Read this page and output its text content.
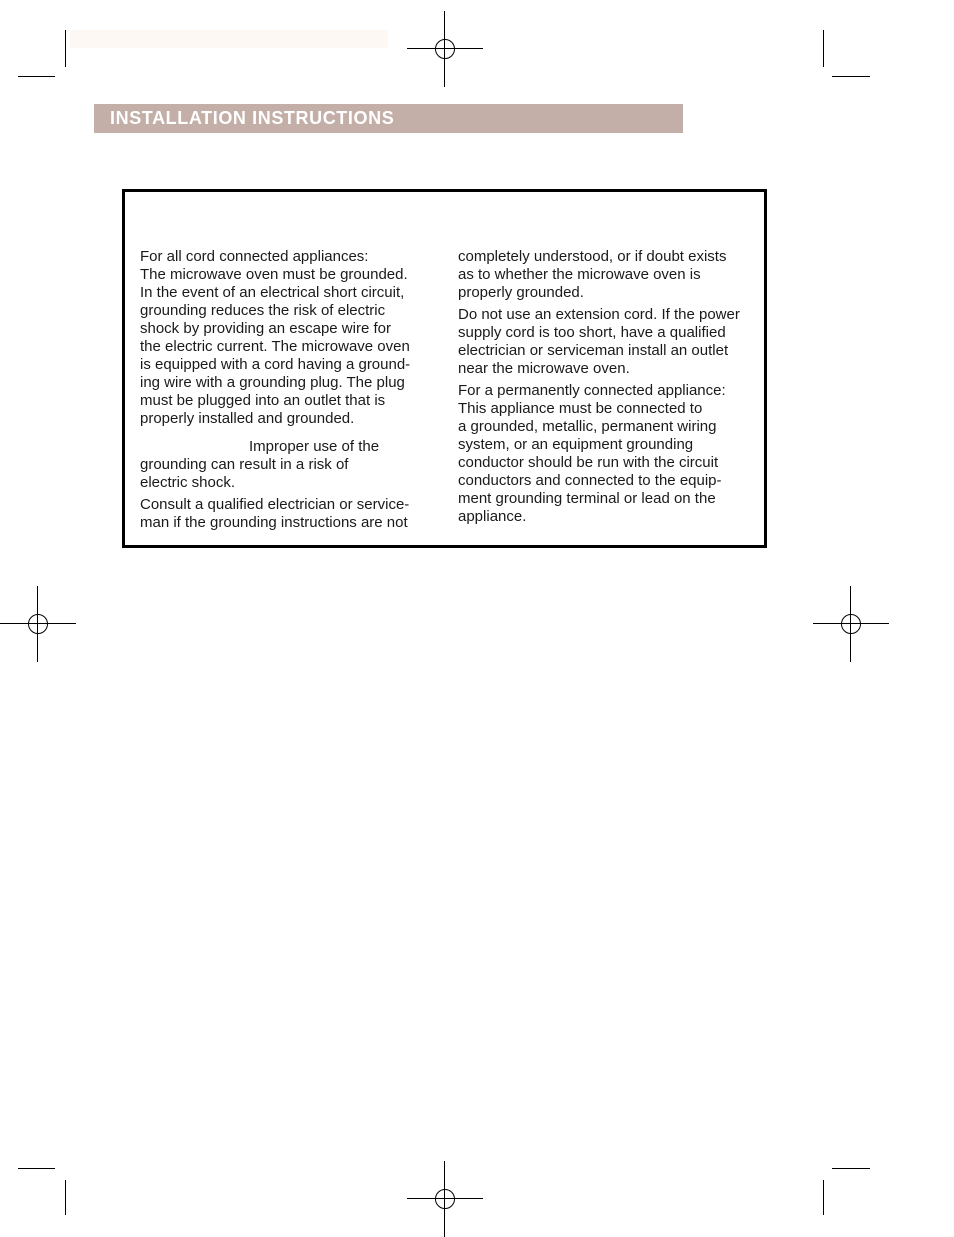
INSTALLATION INSTRUCTIONS

For all cord connected appliances:
The microwave oven must be grounded.
In the event of an electrical short circuit,
grounding reduces the risk of electric
shock by providing an escape wire for
the electric current. The microwave oven
is equipped with a cord having a ground-
ing wire with a grounding plug. The plug
must be plugged into an outlet that is
properly installed and grounded.

Improper use of the
grounding can result in a risk of
electric shock.

Consult a qualified electrician or service-
man if the grounding instructions are not

completely understood, or if doubt exists
as to whether the microwave oven is
properly grounded.

Do not use an extension cord. If the power
supply cord is too short, have a qualified
electrician or serviceman install an outlet
near the microwave oven.

For a permanently connected appliance:
This appliance must be connected to
a grounded, metallic, permanent wiring
system, or an equipment grounding
conductor should be run with the circuit
conductors and connected to the equip-
ment grounding terminal or lead on the
appliance.
